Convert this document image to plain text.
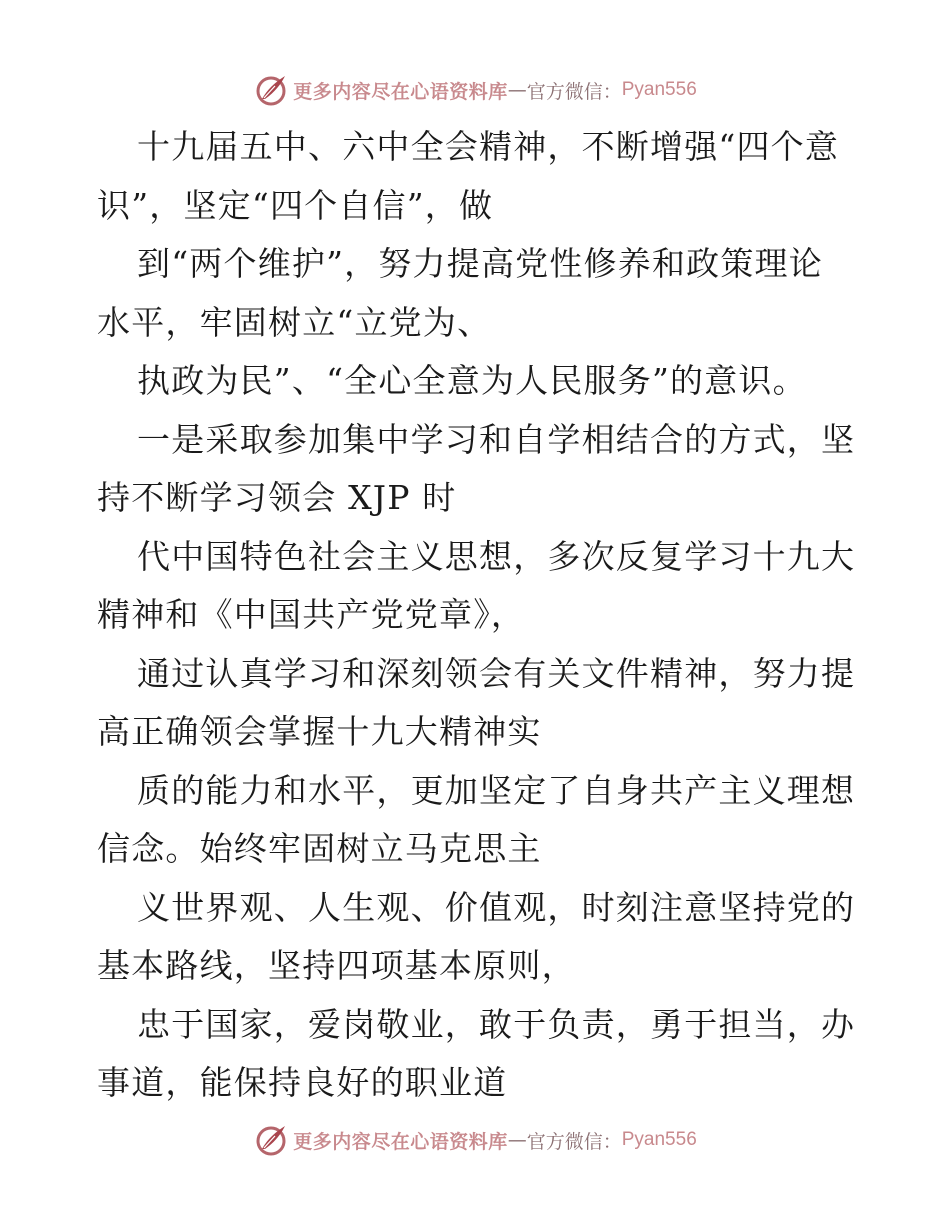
更多内容尽在心语资料库 — 官方微信： Pyan556
十九届五中、六中全会精神，不断增强“四个意
识”，坚定“四个自信”，做
到“两个维护”，努力提高党性修养和政策理论
水平，牢固树立“立党为、
执政为民”、“全心全意为人民服务”的意识。
一是采取参加集中学习和自学相结合的方式，坚
持不断学习领会 XJP 时
代中国特色社会主义思想，多次反复学习十九大
精神和《中国共产党党章》，
通过认真学习和深刻领会有关文件精神，努力提
高正确领会掌握十九大精神实
质的能力和水平，更加坚定了自身共产主义理想
信念。始终牢固树立马克思主
义世界观、人生观、价值观，时刻注意坚持党的
基本路线，坚持四项基本原则，
忠于国家，爱岗敬业，敢于负责，勇于担当，办
事道，能保持良好的职业道
更多内容尽在心语资料库 — 官方微信： Pyan556
